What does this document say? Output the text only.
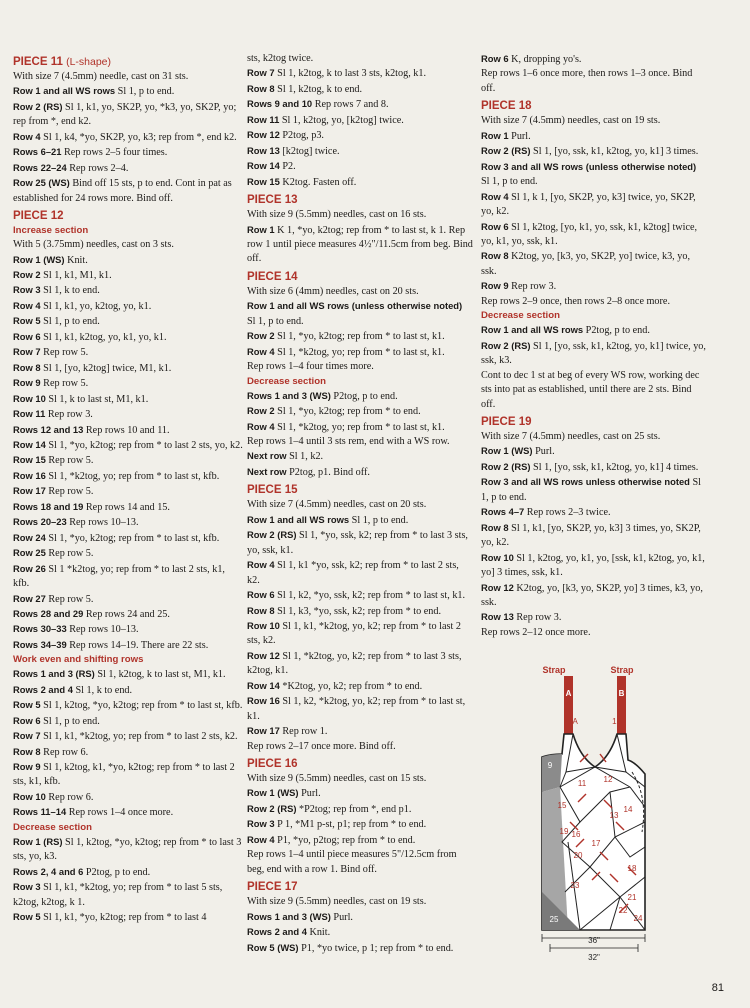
PIECE 11 (L-shape)

With size 7 (4.5mm) needle, cast on 31 sts.

Row 1 and all WS rows Sl 1, p to end.

Row 2 (RS) Sl 1, k1, yo, SK2P, yo, *k3, yo, SK2P, yo; rep from *, end k2.

Row 4 Sl 1, k4, *yo, SK2P, yo, k3; rep from *, end k2.

Rows 6–21 Rep rows 2–5 four times.

Rows 22–24 Rep rows 2–4.

Row 25 (WS) Bind off 15 sts, p to end. Cont in pat as established for 24 rows more. Bind off.

PIECE 12
Increase section

With 5 (3.75mm) needles, cast on 3 sts.

Row 1 (WS) Knit.

Row 2 Sl 1, k1, M1, k1.

Row 3 Sl 1, k to end.

Row 4 Sl 1, k1, yo, k2tog, yo, k1.

Row 5 Sl 1, p to end.

Row 6 Sl 1, k1, k2tog, yo, k1, yo, k1.

Row 7 Rep row 5.

Row 8 Sl 1, [yo, k2tog] twice, M1, k1.

Row 9 Rep row 5.

Row 10 Sl 1, k to last st, M1, k1.

Row 11 Rep row 3.

Rows 12 and 13 Rep rows 10 and 11.

Row 14 Sl 1, *yo, k2tog; rep from * to last 2 sts, yo, k2.

Row 15 Rep row 5.

Row 16 Sl 1, *k2tog, yo; rep from * to last st, kfb.

Row 17 Rep row 5.

Rows 18 and 19 Rep rows 14 and 15.

Rows 20–23 Rep rows 10–13.

Row 24 Sl 1, *yo, k2tog; rep from * to last st, kfb.

Row 25 Rep row 5.

Row 26 Sl 1 *k2tog, yo; rep from * to last 2 sts, k1, kfb.

Row 27 Rep row 5.

Rows 28 and 29 Rep rows 24 and 25.

Rows 30–33 Rep rows 10–13.

Rows 34–39 Rep rows 14–19. There are 22 sts.

Work even and shifting rows

Rows 1 and 3 (RS) Sl 1, k2tog, k to last st, M1, k1.

Rows 2 and 4 Sl 1, k to end.

Row 5 Sl 1, k2tog, *yo, k2tog; rep from * to last st, kfb.

Row 6 Sl 1, p to end.

Row 7 Sl 1, k1, *k2tog, yo; rep from * to last 2 sts, k2.

Row 8 Rep row 6.

Row 9 Sl 1, k2tog, k1, *yo, k2tog; rep from * to last 2 sts, k1, kfb.

Row 10 Rep row 6.

Rows 11–14 Rep rows 1–4 once more.

Decrease section

Row 1 (RS) Sl 1, k2tog, *yo, k2tog; rep from * to last 3 sts, yo, k3.

Rows 2, 4 and 6 P2tog, p to end.

Row 3 Sl 1, k1, *k2tog, yo; rep from * to last 5 sts, k2tog, k2tog, k 1.

Row 5 Sl 1, k1, *yo, k2tog; rep from * to last 4

sts, k2tog twice.

Row 7 Sl 1, k2tog, k to last 3 sts, k2tog, k1.

Row 8 Sl 1, k2tog, k to end.

Rows 9 and 10 Rep rows 7 and 8.

Row 11 Sl 1, k2tog, yo, [k2tog] twice.

Row 12 P2tog, p3.

Row 13 [k2tog] twice.

Row 14 P2.

Row 15 K2tog. Fasten off.

PIECE 13

With size 9 (5.5mm) needles, cast on 16 sts.

Row 1 K 1, *yo, k2tog; rep from * to last st, k 1. Rep row 1 until piece measures 4½"/11.5cm from beg. Bind off.

PIECE 14

With size 6 (4mm) needles, cast on 20 sts.

Row 1 and all WS rows (unless otherwise noted) Sl 1, p to end.

Row 2 Sl 1, *yo, k2tog; rep from * to last st, k1.

Row 4 Sl 1, *k2tog, yo; rep from * to last st, k1.

Rep rows 1–4 four times more.

Decrease section

Rows 1 and 3 (WS) P2tog, p to end.

Row 2 Sl 1, *yo, k2tog; rep from * to end.

Row 4 Sl 1, *k2tog, yo; rep from * to last st, k1.

Rep rows 1–4 until 3 sts rem, end with a WS row.

Next row Sl 1, k2.

Next row P2tog, p1. Bind off.

PIECE 15

With size 7 (4.5mm) needles, cast on 20 sts.

Row 1 and all WS rows Sl 1, p to end.

Row 2 (RS) Sl 1, *yo, ssk, k2; rep from * to last 3 sts, yo, ssk, k1.

Row 4 Sl 1, k1 *yo, ssk, k2; rep from * to last 2 sts, k2.

Row 6 Sl 1, k2, *yo, ssk, k2; rep from * to last st, k1.

Row 8 Sl 1, k3, *yo, ssk, k2; rep from * to end.

Row 10 Sl 1, k1, *k2tog, yo, k2; rep from * to last 2 sts, k2.

Row 12 Sl 1, *k2tog, yo, k2; rep from * to last 3 sts, k2tog, k1.

Row 14 *K2tog, yo, k2; rep from * to end.

Row 16 Sl 1, k2, *k2tog, yo, k2; rep from * to last st, k1.

Row 17 Rep row 1.

Rep rows 2–17 once more. Bind off.

PIECE 16

With size 9 (5.5mm) needles, cast on 15 sts.

Row 1 (WS) Purl.

Row 2 (RS) *P2tog; rep from *, end p1.

Row 3 P 1, *M1 p-st, p1; rep from * to end.

Row 4 P1, *yo, p2tog; rep from * to end.

Rep rows 1–4 until piece measures 5"/12.5cm from beg, end with a row 1. Bind off.

PIECE 17

With size 9 (5.5mm) needles, cast on 19 sts.

Rows 1 and 3 (WS) Purl.

Rows 2 and 4 Knit.

Row 5 (WS) P1, *yo twice, p 1; rep from * to end.

Row 6 K, dropping yo's.

Rep rows 1–6 once more, then rows 1–3 once. Bind off.

PIECE 18

With size 7 (4.5mm) needles, cast on 19 sts.

Row 1 Purl.

Row 2 (RS) Sl 1, [yo, ssk, k1, k2tog, yo, k1] 3 times.

Row 3 and all WS rows (unless otherwise noted) Sl 1, p to end.

Row 4 Sl 1, k 1, [yo, SK2P, yo, k3] twice, yo, SK2P, yo, k2.

Row 6 Sl 1, k2tog, [yo, k1, yo, ssk, k1, k2tog] twice, yo, k1, yo, ssk, k1.

Row 8 K2tog, yo, [k3, yo, SK2P, yo] twice, k3, yo, ssk.

Row 9 Rep row 3.

Rep rows 2–9 once, then rows 2–8 once more.

Decrease section

Row 1 and all WS rows P2tog, p to end.

Row 2 (RS) Sl 1, [yo, ssk, k1, k2tog, yo, k1] twice, yo, ssk, k3.

Cont to dec 1 st at beg of every WS row, working dec sts into pat as established, until there are 2 sts. Bind off.

PIECE 19

With size 7 (4.5mm) needles, cast on 25 sts.

Row 1 (WS) Purl.

Row 2 (RS) Sl 1, [yo, ssk, k1, k2tog, yo, k1] 4 times.

Row 3 and all WS rows unless otherwise noted Sl 1, p to end.

Rows 4–7 Rep rows 2–3 twice.

Row 8 Sl 1, k1, [yo, SK2P, yo, k3] 3 times, yo, SK2P, yo, k2.

Row 10 Sl 1, k2tog, yo, k1, yo, [ssk, k1, k2tog, yo, k1, yo] 3 times, ssk, k1.

Row 12 K2tog, yo, [k3, yo, SK2P, yo] 3 times, k3, yo, ssk.

Row 13 Rep row 3.

Rep rows 2–12 once more.

Strap	Strap
A	B
1A	1B
9
11 12
13
14
15
16
17
18
19
20
21
22
23
24
25
36"
32"
81
